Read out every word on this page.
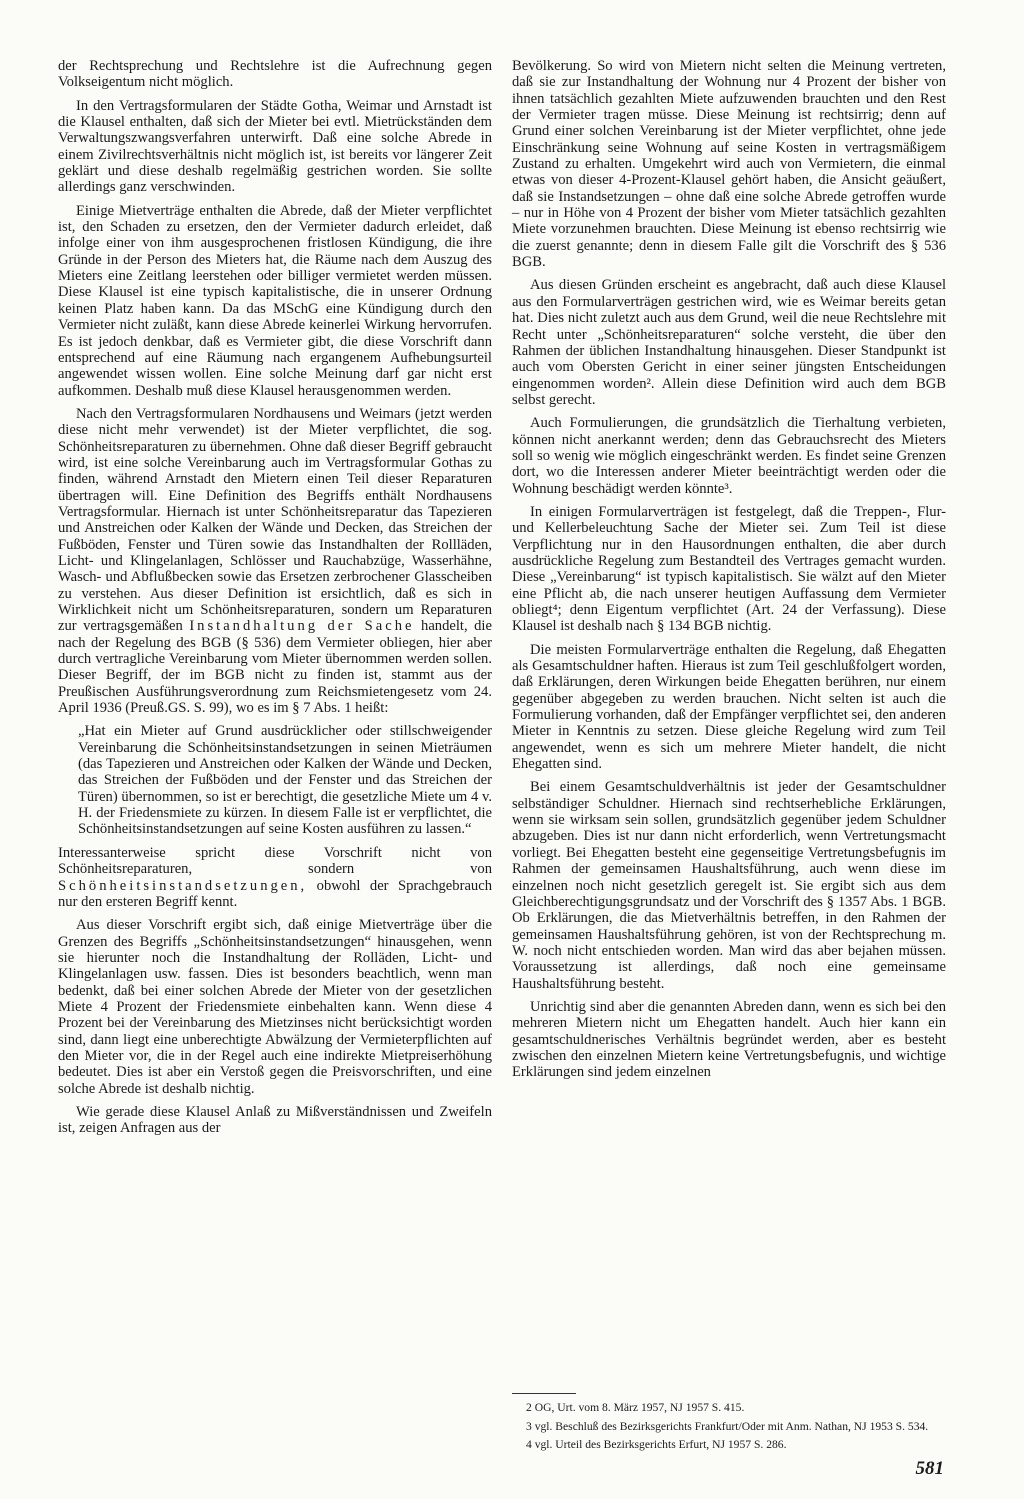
der Rechtsprechung und Rechtslehre ist die Aufrechnung gegen Volkseigentum nicht möglich.

In den Vertragsformularen der Städte Gotha, Weimar und Arnstadt ist die Klausel enthalten, daß sich der Mieter bei evtl. Mietrückständen dem Verwaltungszwangsverfahren unterwirft. Daß eine solche Abrede in einem Zivilrechtsverhältnis nicht möglich ist, ist bereits vor längerer Zeit geklärt und diese deshalb regelmäßig gestrichen worden. Sie sollte allerdings ganz verschwinden.

Einige Mietverträge enthalten die Abrede, daß der Mieter verpflichtet ist, den Schaden zu ersetzen, den der Vermieter dadurch erleidet, daß infolge einer von ihm ausgesprochenen fristlosen Kündigung, die ihre Gründe in der Person des Mieters hat, die Räume nach dem Auszug des Mieters eine Zeitlang leerstehen oder billiger vermietet werden müssen. Diese Klausel ist eine typisch kapitalistische, die in unserer Ordnung keinen Platz haben kann. Da das MSchG eine Kündigung durch den Vermieter nicht zuläßt, kann diese Abrede keinerlei Wirkung hervorrufen. Es ist jedoch denkbar, daß es Vermieter gibt, die diese Vorschrift dann entsprechend auf eine Räumung nach ergangenem Aufhebungsurteil angewendet wissen wollen. Eine solche Meinung darf gar nicht erst aufkommen. Deshalb muß diese Klausel herausgenommen werden.

Nach den Vertragsformularen Nordhausens und Weimars (jetzt werden diese nicht mehr verwendet) ist der Mieter verpflichtet, die sog. Schönheitsreparaturen zu übernehmen. Ohne daß dieser Begriff gebraucht wird, ist eine solche Vereinbarung auch im Vertragsformular Gothas zu finden, während Arnstadt den Mietern einen Teil dieser Reparaturen übertragen will. Eine Definition des Begriffs enthält Nordhausens Vertragsformular. Hiernach ist unter Schönheitsreparatur das Tapezieren und Anstreichen oder Kalken der Wände und Decken, das Streichen der Fußböden, Fenster und Türen sowie das Instandhalten der Rollläden, Licht- und Klingelanlagen, Schlösser und Rauchabzüge, Wasserhähne, Wasch- und Abflußbecken sowie das Ersetzen zerbrochener Glasscheiben zu verstehen. Aus dieser Definition ist ersichtlich, daß es sich in Wirklichkeit nicht um Schönheitsreparaturen, sondern um Reparaturen zur vertragsgemäßen Instandhaltung der Sache handelt, die nach der Regelung des BGB (§ 536) dem Vermieter obliegen, hier aber durch vertragliche Vereinbarung vom Mieter übernommen werden sollen. Dieser Begriff, der im BGB nicht zu finden ist, stammt aus der Preußischen Ausführungsverordnung zum Reichsmietengesetz vom 24. April 1936 (Preuß.GS. S. 99), wo es im § 7 Abs. 1 heißt:

„Hat ein Mieter auf Grund ausdrücklicher oder stillschweigender Vereinbarung die Schönheitsinstandsetzungen in seinen Mieträumen (das Tapezieren und Anstreichen oder Kalken der Wände und Decken, das Streichen der Fußböden und der Fenster und das Streichen der Türen) übernommen, so ist er berechtigt, die gesetzliche Miete um 4 v. H. der Friedensmiete zu kürzen. In diesem Falle ist er verpflichtet, die Schönheitsinstandsetzungen auf seine Kosten ausführen zu lassen.“

Interessanterweise spricht diese Vorschrift nicht von Schönheitsreparaturen, sondern von Schönheitsinstandsetzungen, obwohl der Sprachgebrauch nur den ersteren Begriff kennt.

Aus dieser Vorschrift ergibt sich, daß einige Mietverträge über die Grenzen des Begriffs „Schönheitsinstandsetzungen“ hinausgehen, wenn sie hierunter noch die Instandhaltung der Rolläden, Licht- und Klingelanlagen usw. fassen. Dies ist besonders beachtlich, wenn man bedenkt, daß bei einer solchen Abrede der Mieter von der gesetzlichen Miete 4 Prozent der Friedensmiete einbehalten kann. Wenn diese 4 Prozent bei der Vereinbarung des Mietzinses nicht berücksichtigt worden sind, dann liegt eine unberechtigte Abwälzung der Vermieterpflichten auf den Mieter vor, die in der Regel auch eine indirekte Mietpreiserhöhung bedeutet. Dies ist aber ein Verstoß gegen die Preisvorschriften, und eine solche Abrede ist deshalb nichtig.

Wie gerade diese Klausel Anlaß zu Mißverständnissen und Zweifeln ist, zeigen Anfragen aus der

Bevölkerung. So wird von Mietern nicht selten die Meinung vertreten, daß sie zur Instandhaltung der Wohnung nur 4 Prozent der bisher von ihnen tatsächlich gezahlten Miete aufzuwenden brauchten und den Rest der Vermieter tragen müsse. Diese Meinung ist rechtsirrig; denn auf Grund einer solchen Vereinbarung ist der Mieter verpflichtet, ohne jede Einschränkung seine Wohnung auf seine Kosten in vertragsmäßigem Zustand zu erhalten. Umgekehrt wird auch von Vermietern, die einmal etwas von dieser 4-Prozent-Klausel gehört haben, die Ansicht geäußert, daß sie Instandsetzungen – ohne daß eine solche Abrede getroffen wurde – nur in Höhe von 4 Prozent der bisher vom Mieter tatsächlich gezahlten Miete vorzunehmen brauchten. Diese Meinung ist ebenso rechtsirrig wie die zuerst genannte; denn in diesem Falle gilt die Vorschrift des § 536 BGB.

Aus diesen Gründen erscheint es angebracht, daß auch diese Klausel aus den Formularverträgen gestrichen wird, wie es Weimar bereits getan hat. Dies nicht zuletzt auch aus dem Grund, weil die neue Rechtslehre mit Recht unter „Schönheitsreparaturen“ solche versteht, die über den Rahmen der üblichen Instandhaltung hinausgehen. Dieser Standpunkt ist auch vom Obersten Gericht in einer seiner jüngsten Entscheidungen eingenommen worden². Allein diese Definition wird auch dem BGB selbst gerecht.

Auch Formulierungen, die grundsätzlich die Tierhaltung verbieten, können nicht anerkannt werden; denn das Gebrauchsrecht des Mieters soll so wenig wie möglich eingeschränkt werden. Es findet seine Grenzen dort, wo die Interessen anderer Mieter beeinträchtigt werden oder die Wohnung beschädigt werden könnte³.

In einigen Formularverträgen ist festgelegt, daß die Treppen-, Flur- und Kellerbeleuchtung Sache der Mieter sei. Zum Teil ist diese Verpflichtung nur in den Hausordnungen enthalten, die aber durch ausdrückliche Regelung zum Bestandteil des Vertrages gemacht wurden. Diese „Vereinbarung“ ist typisch kapitalistisch. Sie wälzt auf den Mieter eine Pflicht ab, die nach unserer heutigen Auffassung dem Vermieter obliegt⁴; denn Eigentum verpflichtet (Art. 24 der Verfassung). Diese Klausel ist deshalb nach § 134 BGB nichtig.

Die meisten Formularverträge enthalten die Regelung, daß Ehegatten als Gesamtschuldner haften. Hieraus ist zum Teil geschlußfolgert worden, daß Erklärungen, deren Wirkungen beide Ehegatten berühren, nur einem gegenüber abgegeben zu werden brauchen. Nicht selten ist auch die Formulierung vorhanden, daß der Empfänger verpflichtet sei, den anderen Mieter in Kenntnis zu setzen. Diese gleiche Regelung wird zum Teil angewendet, wenn es sich um mehrere Mieter handelt, die nicht Ehegatten sind.

Bei einem Gesamtschuldverhältnis ist jeder der Gesamtschuldner selbständiger Schuldner. Hiernach sind rechtserhebliche Erklärungen, wenn sie wirksam sein sollen, grundsätzlich gegenüber jedem Schuldner abzugeben. Dies ist nur dann nicht erforderlich, wenn Vertretungsmacht vorliegt. Bei Ehegatten besteht eine gegenseitige Vertretungsbefugnis im Rahmen der gemeinsamen Haushaltsführung, auch wenn diese im einzelnen noch nicht gesetzlich geregelt ist. Sie ergibt sich aus dem Gleichberechtigungsgrundsatz und der Vorschrift des § 1357 Abs. 1 BGB. Ob Erklärungen, die das Mietverhältnis betreffen, in den Rahmen der gemeinsamen Haushaltsführung gehören, ist von der Rechtsprechung m. W. noch nicht entschieden worden. Man wird das aber bejahen müssen. Voraussetzung ist allerdings, daß noch eine gemeinsame Haushaltsführung besteht.

Unrichtig sind aber die genannten Abreden dann, wenn es sich bei den mehreren Mietern nicht um Ehegatten handelt. Auch hier kann ein gesamtschuldnerisches Verhältnis begründet werden, aber es besteht zwischen den einzelnen Mietern keine Vertretungsbefugnis, und wichtige Erklärungen sind jedem einzelnen

2 OG, Urt. vom 8. März 1957, NJ 1957 S. 415.

3 vgl. Beschluß des Bezirksgerichts Frankfurt/Oder mit Anm. Nathan, NJ 1953 S. 534.

4 vgl. Urteil des Bezirksgerichts Erfurt, NJ 1957 S. 286.

581
